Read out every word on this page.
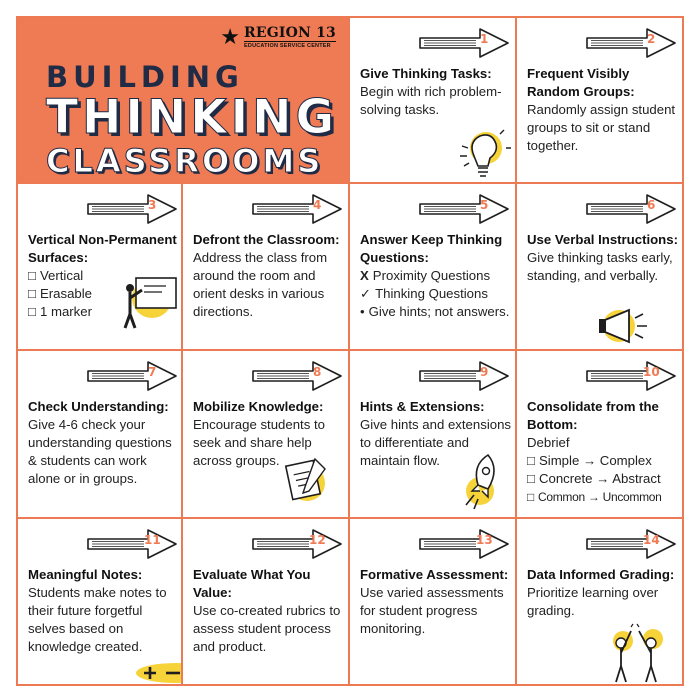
★ REGION 13
EDUCATION SERVICE CENTER
BUILDING
THINKING
CLASSROOMS
1
Give Thinking Tasks:
Begin with rich problem-solving tasks.
2
Frequent Visibly Random Groups:
Randomly assign student groups to sit or stand together.
3
Vertical Non-Permanent Surfaces:
□ Vertical
□ Erasable
□ 1 marker
4
Defront the Classroom: Address the class from around the room and orient desks in various directions.
5
Answer Keep Thinking Questions:
X Proximity Questions
✓ Thinking Questions
• Give hints; not answers.
6
Use Verbal Instructions:
Give thinking tasks early, standing, and verbally.
7
Check Understanding:
Give 4-6 check your understanding questions & students can work alone or in groups.
8
Mobilize Knowledge:
Encourage students to seek and share help across groups.
9
Hints & Extensions:
Give hints and extensions to differentiate and maintain flow.
10
Consolidate from the Bottom:
Debrief
□ Simple → Complex
□ Concrete → Abstract
□ Common → Uncommon
11
Meaningful Notes:
Students make notes to their future forgetful selves based on knowledge created.
12
Evaluate What You Value:
Use co-created rubrics to assess student process and product.
13
Formative Assessment:
Use varied assessments for student progress monitoring.
14
Data Informed Grading:
Prioritize learning over grading.
